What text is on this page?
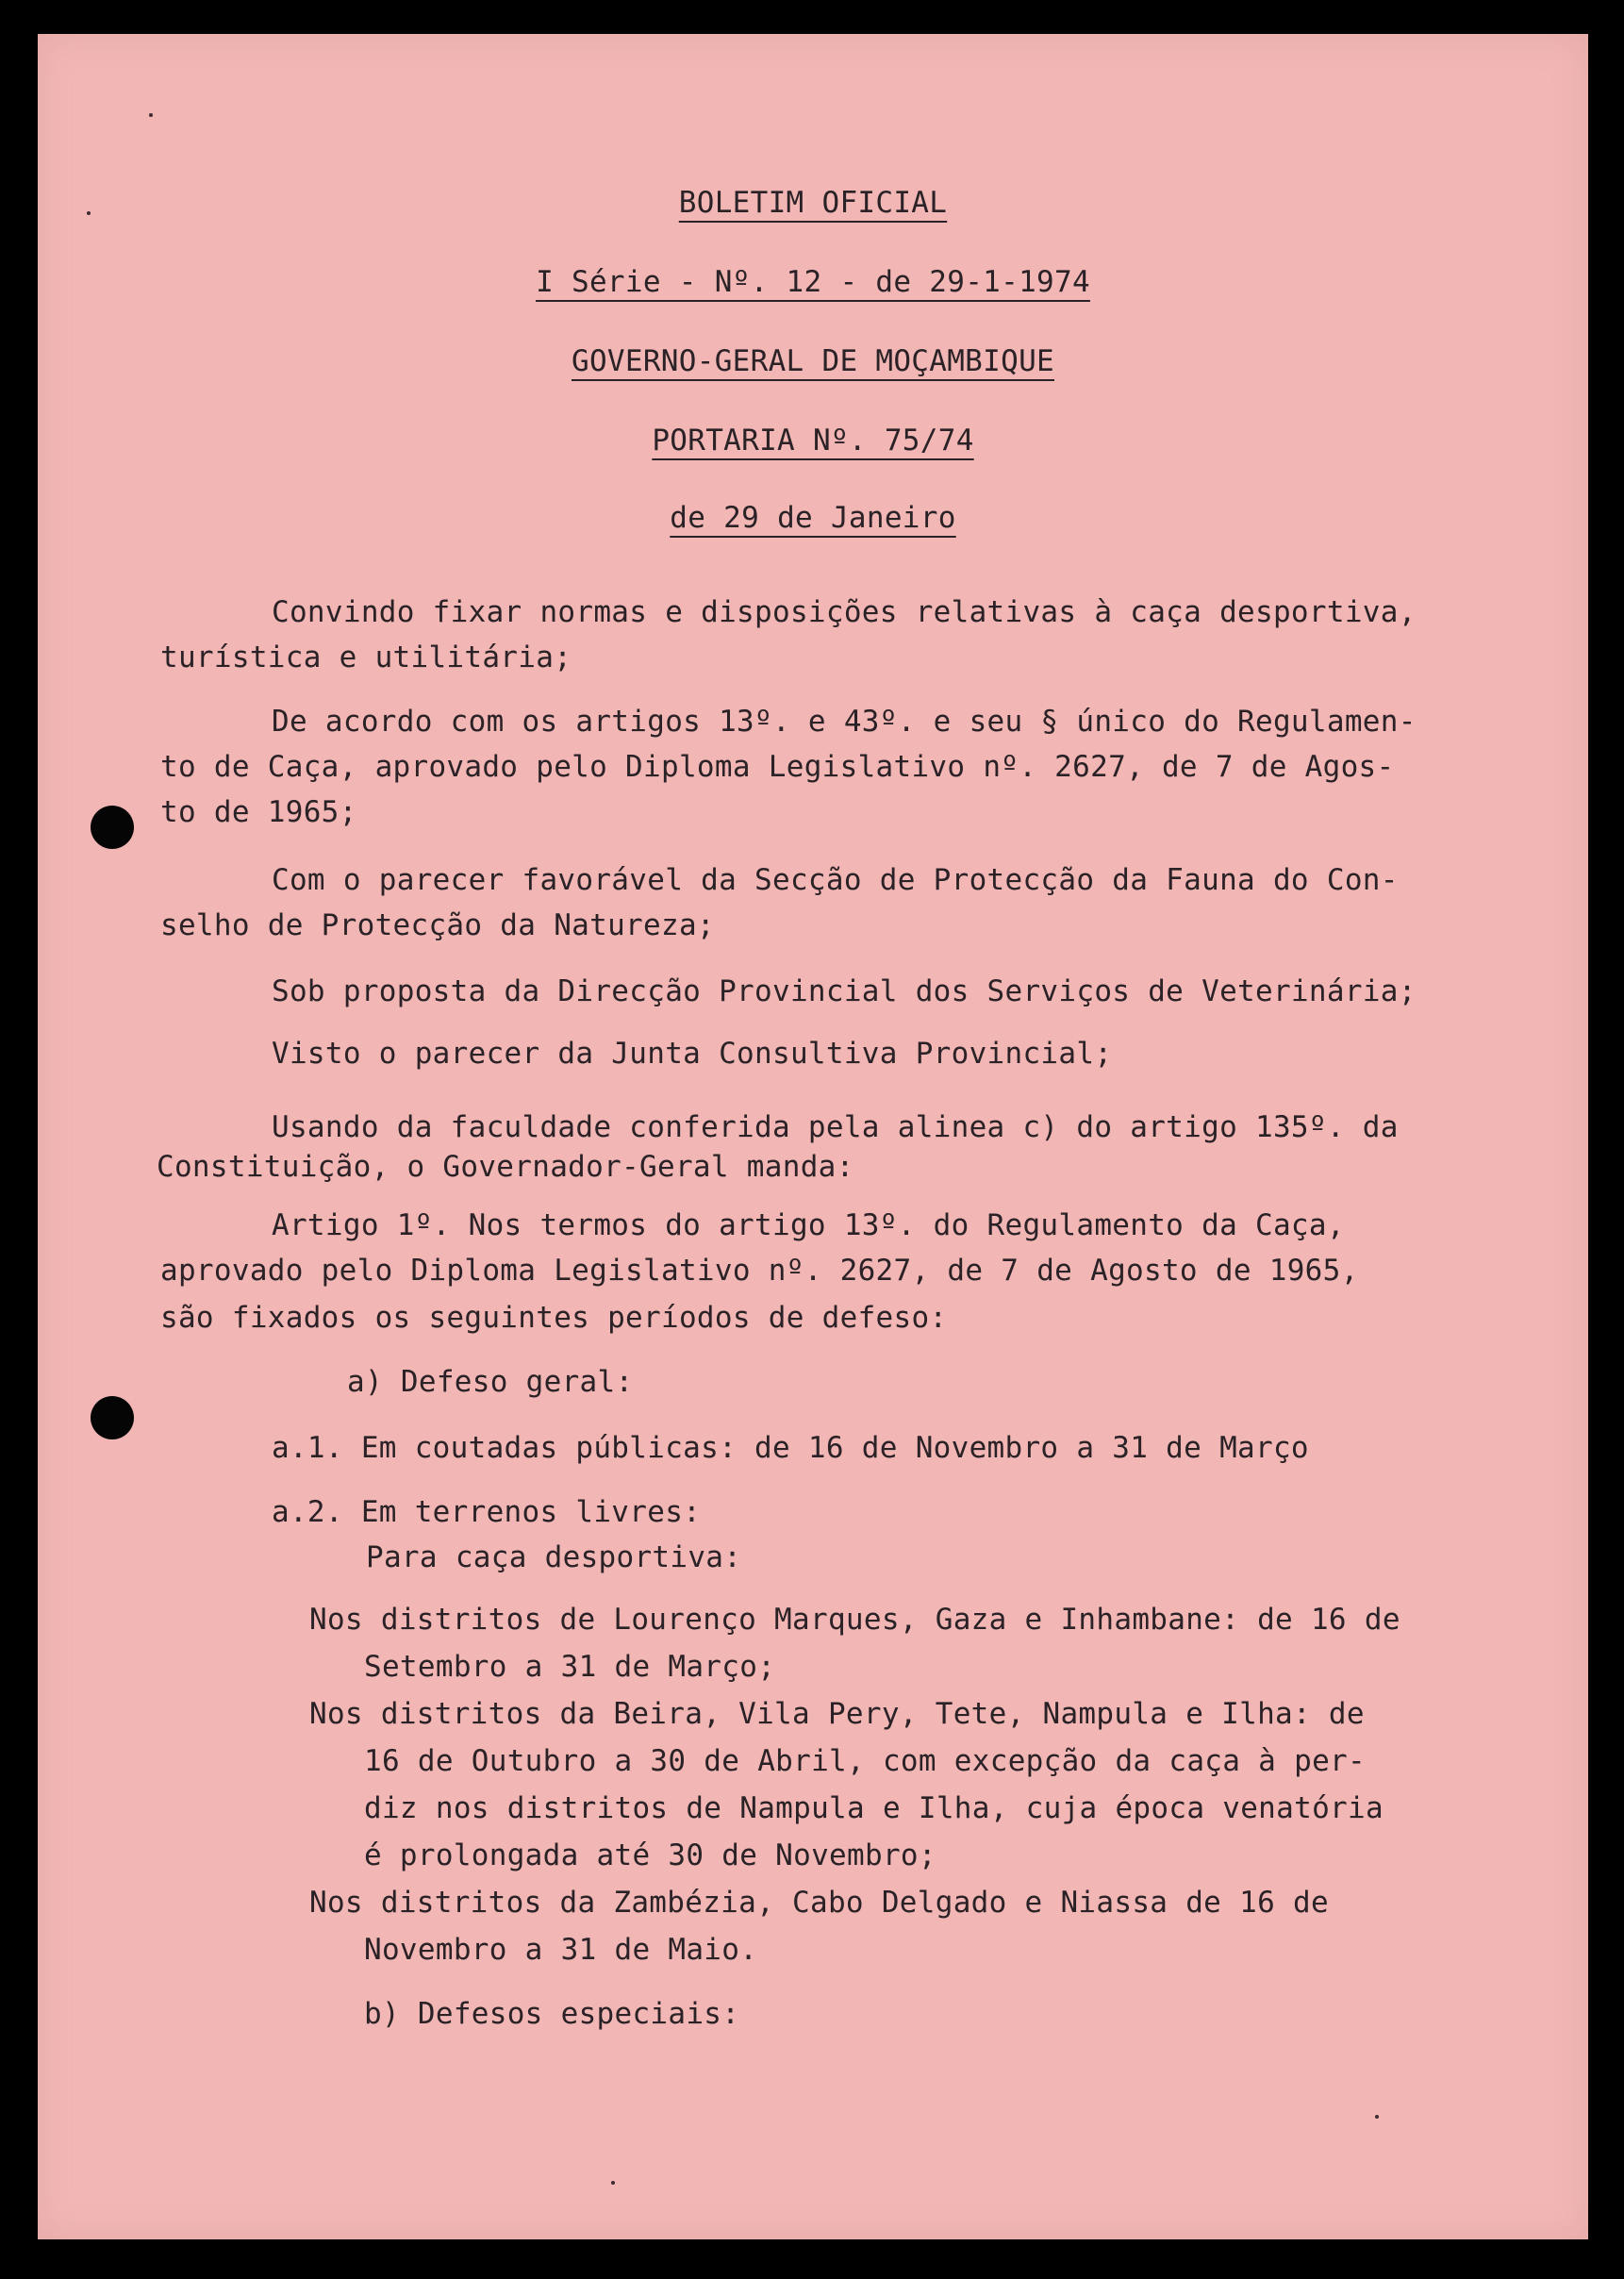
BOLETIM OFICIAL

I Série - Nº. 12 - de 29-1-1974

GOVERNO-GERAL DE MOÇAMBIQUE

PORTARIA Nº. 75/74

de 29 de Janeiro

Convindo fixar normas e disposições relativas à caça desportiva,

turística e utilitária;

De acordo com os artigos 13º. e 43º. e seu § único do Regulamen-

to de Caça, aprovado pelo Diploma Legislativo nº. 2627, de 7 de Agos-

to de 1965;

Com o parecer favorável da Secção de Protecção da Fauna do Con-

selho de Protecção da Natureza;

Sob proposta da Direcção Provincial dos Serviços de Veterinária;

Visto o parecer da Junta Consultiva Provincial;

Usando da faculdade conferida pela alinea c) do artigo 135º. da

Constituição, o Governador-Geral manda:

Artigo 1º. Nos termos do artigo 13º. do Regulamento da Caça,

aprovado pelo Diploma Legislativo nº. 2627, de 7 de Agosto de 1965,

são fixados os seguintes períodos de defeso:

a) Defeso geral:

a.1. Em coutadas públicas: de 16 de Novembro a 31 de Março

a.2. Em terrenos livres:

Para caça desportiva:

Nos distritos de Lourenço Marques, Gaza e Inhambane: de 16 de

Setembro a 31 de Março;

Nos distritos da Beira, Vila Pery, Tete, Nampula e Ilha: de

16 de Outubro a 30 de Abril, com excepção da caça à per-

diz nos distritos de Nampula e Ilha, cuja época venatória

é prolongada até 30 de Novembro;

Nos distritos da Zambézia, Cabo Delgado e Niassa de 16 de

Novembro a 31 de Maio.

b) Defesos especiais:
